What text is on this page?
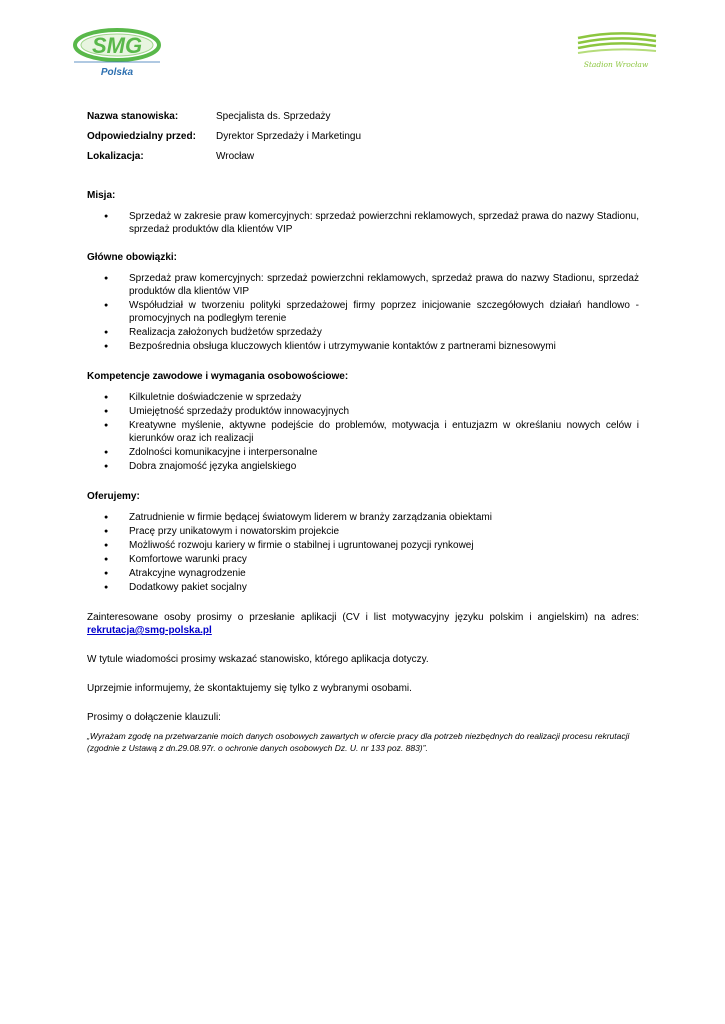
SMG
Polska
Stadion Wrocław
Nazwa stanowiska:	Specjalista ds. Sprzedaży
Odpowiedzialny przed:	Dyrektor Sprzedaży i Marketingu
Lokalizacja:	Wrocław
Misja:
● Sprzedaż w zakresie praw komercyjnych: sprzedaż powierzchni reklamowych, sprzedaż prawa do nazwy Stadionu, sprzedaż produktów dla klientów VIP
Główne obowiązki:
● Sprzedaż praw komercyjnych: sprzedaż powierzchni reklamowych, sprzedaż prawa do nazwy Stadionu, sprzedaż produktów dla klientów VIP
● Współudział w tworzeniu polityki sprzedażowej firmy poprzez inicjowanie szczegółowych działań handlowo - promocyjnych na podległym terenie
● Realizacja założonych budżetów sprzedaży
● Bezpośrednia obsługa kluczowych klientów i utrzymywanie kontaktów z partnerami biznesowymi
Kompetencje zawodowe i wymagania osobowościowe:
● Kilkuletnie doświadczenie w sprzedaży
● Umiejętność sprzedaży produktów innowacyjnych
● Kreatywne myślenie, aktywne podejście do problemów, motywacja i entuzjazm w określaniu nowych celów i kierunków oraz ich realizacji
● Zdolności komunikacyjne i interpersonalne
● Dobra znajomość języka angielskiego
Oferujemy:
● Zatrudnienie w firmie będącej światowym liderem w branży zarządzania obiektami
● Pracę przy unikatowym i nowatorskim projekcie
● Możliwość rozwoju kariery w firmie o stabilnej i ugruntowanej pozycji rynkowej
● Komfortowe warunki pracy
● Atrakcyjne wynagrodzenie
● Dodatkowy pakiet socjalny
Zainteresowane osoby prosimy o przesłanie aplikacji (CV i list motywacyjny języku polskim i angielskim) na adres: rekrutacja@smg-polska.pl
W tytule wiadomości prosimy wskazać stanowisko, którego aplikacja dotyczy.
Uprzejmie informujemy, że skontaktujemy się tylko z wybranymi osobami.
Prosimy o dołączenie klauzuli:
„Wyrażam zgodę na przetwarzanie moich danych osobowych zawartych w ofercie pracy dla potrzeb niezbędnych do realizacji procesu rekrutacji (zgodnie z Ustawą z dn.29.08.97r. o ochronie danych osobowych Dz. U. nr 133 poz. 883)”.
